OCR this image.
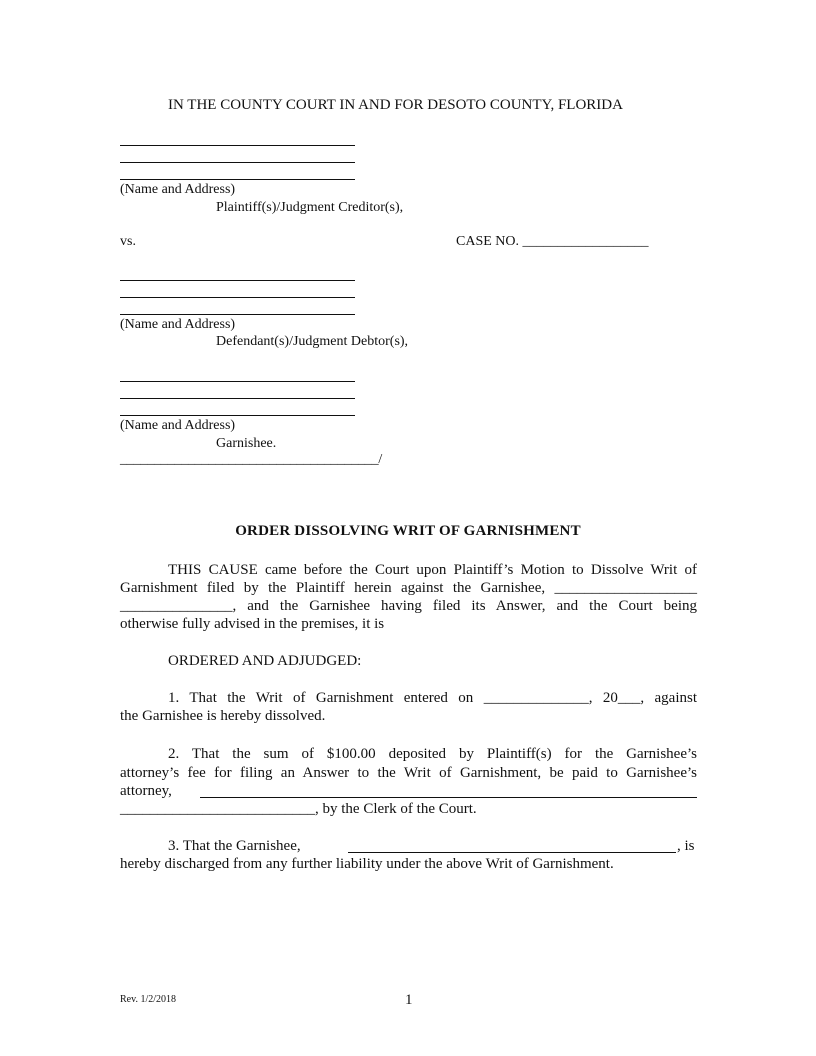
IN THE COUNTY COURT IN AND FOR DESOTO COUNTY, FLORIDA
(Name and Address)
Plaintiff(s)/Judgment Creditor(s),
vs.	CASE NO. __________________
(Name and Address)
Defendant(s)/Judgment Debtor(s),
(Name and Address)
Garnishee.
______________________________________/
ORDER DISSOLVING WRIT OF GARNISHMENT
THIS CAUSE came before the Court upon Plaintiff’s Motion to Dissolve Writ of
Garnishment filed by the Plaintiff herein against the Garnishee, ___________________
_______________, and the Garnishee having filed its Answer, and the Court being
otherwise fully advised in the premises, it is
ORDERED AND ADJUDGED:
1. That the Writ of Garnishment entered on ______________, 20___, against
the Garnishee is hereby dissolved.
2. That the sum of $100.00 deposited by Plaintiff(s) for the Garnishee’s
attorney’s fee for filing an Answer to the Writ of Garnishment, be paid to Garnishee’s
attorney,
__________________________, by the Clerk of the Court.
3. That the Garnishee,	, is
hereby discharged from any further liability under the above Writ of Garnishment.
Rev. 1/2/2018	1
